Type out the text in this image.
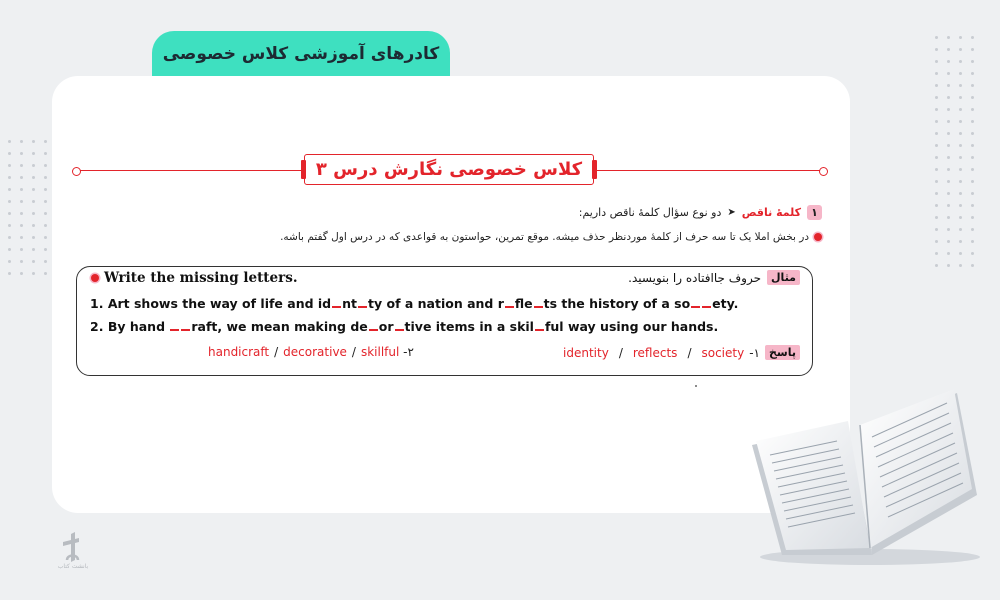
کادرهای آموزشی کلاس خصوصی
کلاس خصوصی نگارش درس ۳
۱
کلمهٔ ناقص
➤
دو نوع سؤال کلمهٔ ناقص داریم:
در بخش املا یک تا سه حرف از کلمهٔ موردنظر حذف میشه. موقع تمرین، حواستون به قواعدی که در درس اول گفتم باشه.
Write the missing letters.	مثال
حروف جاافتاده را بنویسید.
1. Art shows the way of life and id nt ty of a nation and r fle ts the history of a so ety.
2. By hand raft, we mean making de or tive items in a skil ful way using our hands.
handicraft / decorative / skillful -۲	identity / reflects / society -۱ پاسخ
بانشت کتاب
